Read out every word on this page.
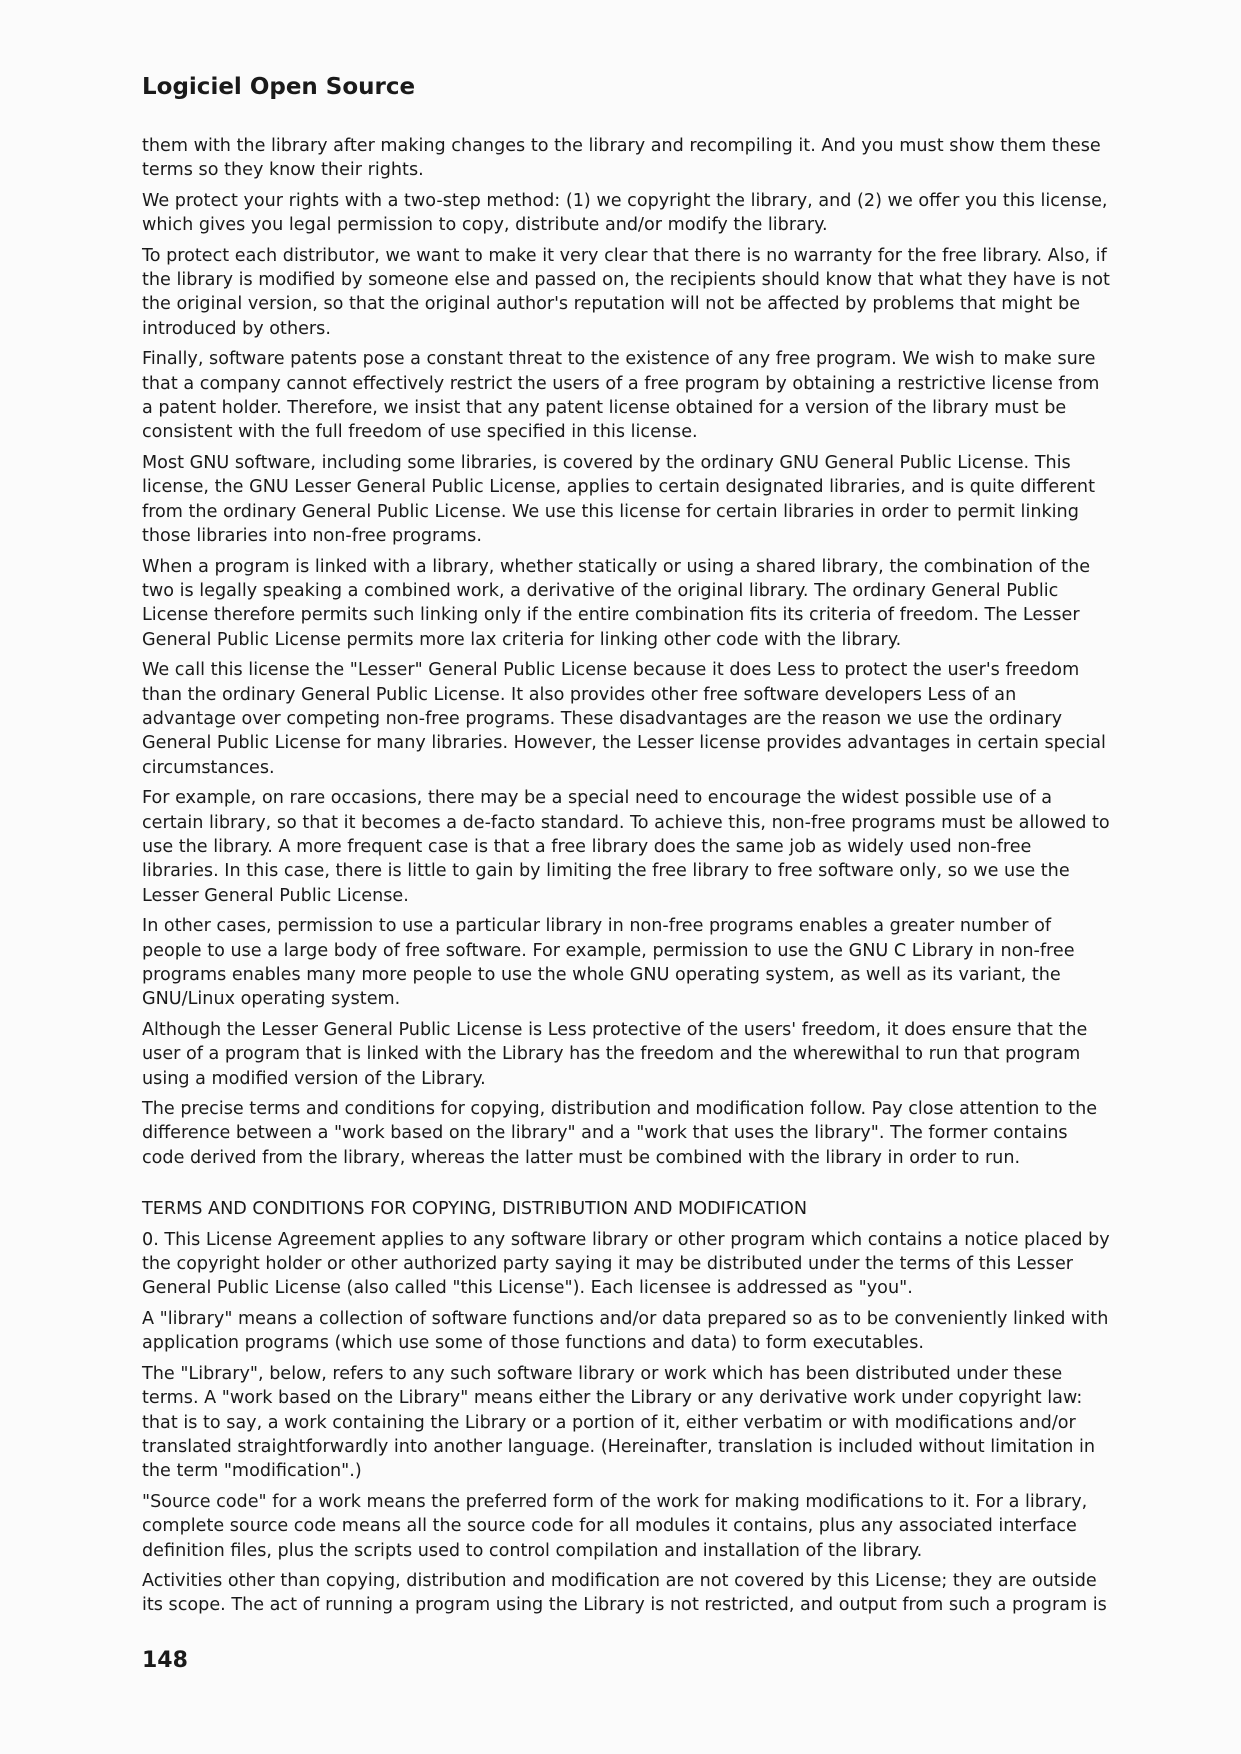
Logiciel Open Source

them with the library after making changes to the library and recompiling it. And you must show them these terms so they know their rights.

We protect your rights with a two-step method: (1) we copyright the library, and (2) we offer you this license, which gives you legal permission to copy, distribute and/or modify the library.

To protect each distributor, we want to make it very clear that there is no warranty for the free library. Also, if the library is modified by someone else and passed on, the recipients should know that what they have is not the original version, so that the original author's reputation will not be affected by problems that might be introduced by others.

Finally, software patents pose a constant threat to the existence of any free program. We wish to make sure that a company cannot effectively restrict the users of a free program by obtaining a restrictive license from a patent holder. Therefore, we insist that any patent license obtained for a version of the library must be consistent with the full freedom of use specified in this license.

Most GNU software, including some libraries, is covered by the ordinary GNU General Public License. This license, the GNU Lesser General Public License, applies to certain designated libraries, and is quite different from the ordinary General Public License. We use this license for certain libraries in order to permit linking those libraries into non-free programs.

When a program is linked with a library, whether statically or using a shared library, the combination of the two is legally speaking a combined work, a derivative of the original library. The ordinary General Public License therefore permits such linking only if the entire combination fits its criteria of freedom. The Lesser General Public License permits more lax criteria for linking other code with the library.

We call this license the "Lesser" General Public License because it does Less to protect the user's freedom than the ordinary General Public License. It also provides other free software developers Less of an advantage over competing non-free programs. These disadvantages are the reason we use the ordinary General Public License for many libraries. However, the Lesser license provides advantages in certain special circumstances.

For example, on rare occasions, there may be a special need to encourage the widest possible use of a certain library, so that it becomes a de-facto standard. To achieve this, non-free programs must be allowed to use the library. A more frequent case is that a free library does the same job as widely used non-free libraries. In this case, there is little to gain by limiting the free library to free software only, so we use the Lesser General Public License.

In other cases, permission to use a particular library in non-free programs enables a greater number of people to use a large body of free software. For example, permission to use the GNU C Library in non-free programs enables many more people to use the whole GNU operating system, as well as its variant, the GNU/Linux operating system.

Although the Lesser General Public License is Less protective of the users' freedom, it does ensure that the user of a program that is linked with the Library has the freedom and the wherewithal to run that program using a modified version of the Library.

The precise terms and conditions for copying, distribution and modification follow. Pay close attention to the difference between a "work based on the library" and a "work that uses the library". The former contains code derived from the library, whereas the latter must be combined with the library in order to run.

TERMS AND CONDITIONS FOR COPYING, DISTRIBUTION AND MODIFICATION

0. This License Agreement applies to any software library or other program which contains a notice placed by the copyright holder or other authorized party saying it may be distributed under the terms of this Lesser General Public License (also called "this License"). Each licensee is addressed as "you".

A "library" means a collection of software functions and/or data prepared so as to be conveniently linked with application programs (which use some of those functions and data) to form executables.

The "Library", below, refers to any such software library or work which has been distributed under these terms. A "work based on the Library" means either the Library or any derivative work under copyright law: that is to say, a work containing the Library or a portion of it, either verbatim or with modifications and/or translated straightforwardly into another language. (Hereinafter, translation is included without limitation in the term "modification".)

"Source code" for a work means the preferred form of the work for making modifications to it. For a library, complete source code means all the source code for all modules it contains, plus any associated interface definition files, plus the scripts used to control compilation and installation of the library.

Activities other than copying, distribution and modification are not covered by this License; they are outside its scope. The act of running a program using the Library is not restricted, and output from such a program is

148
